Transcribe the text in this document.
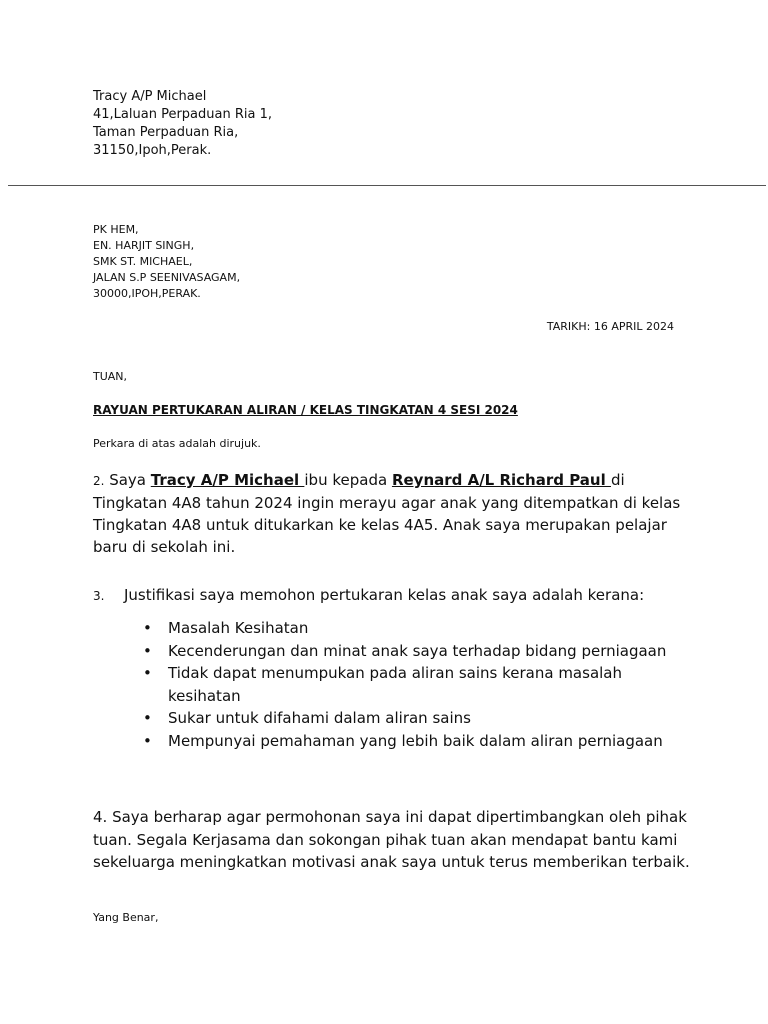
Tracy A/P Michael
41,Laluan Perpaduan Ria 1,
Taman Perpaduan Ria,
31150,Ipoh,Perak.
PK HEM,
EN. HARJIT SINGH,
SMK ST. MICHAEL,
JALAN S.P SEENIVASAGAM,
30000,IPOH,PERAK.
TARIKH: 16 APRIL 2024
TUAN,
RAYUAN PERTUKARAN ALIRAN / KELAS TINGKATAN 4 SESI 2024
Perkara di atas adalah dirujuk.
2. Saya Tracy A/P Michael ibu kepada Reynard A/L Richard Paul di Tingkatan 4A8 tahun 2024 ingin merayu agar anak yang ditempatkan di kelas Tingkatan 4A8 untuk ditukarkan ke kelas 4A5. Anak saya merupakan pelajar baru di sekolah ini.
3. Justifikasi saya memohon pertukaran kelas anak saya adalah kerana:
• Masalah Kesihatan
• Kecenderungan dan minat anak saya terhadap bidang perniagaan
• Tidak dapat menumpukan pada aliran sains kerana masalah kesihatan
• Sukar untuk difahami dalam aliran sains
• Mempunyai pemahaman yang lebih baik dalam aliran perniagaan
4. Saya berharap agar permohonan saya ini dapat dipertimbangkan oleh pihak tuan. Segala Kerjasama dan sokongan pihak tuan akan mendapat bantu kami sekeluarga meningkatkan motivasi anak saya untuk terus memberikan terbaik.
Yang Benar,
